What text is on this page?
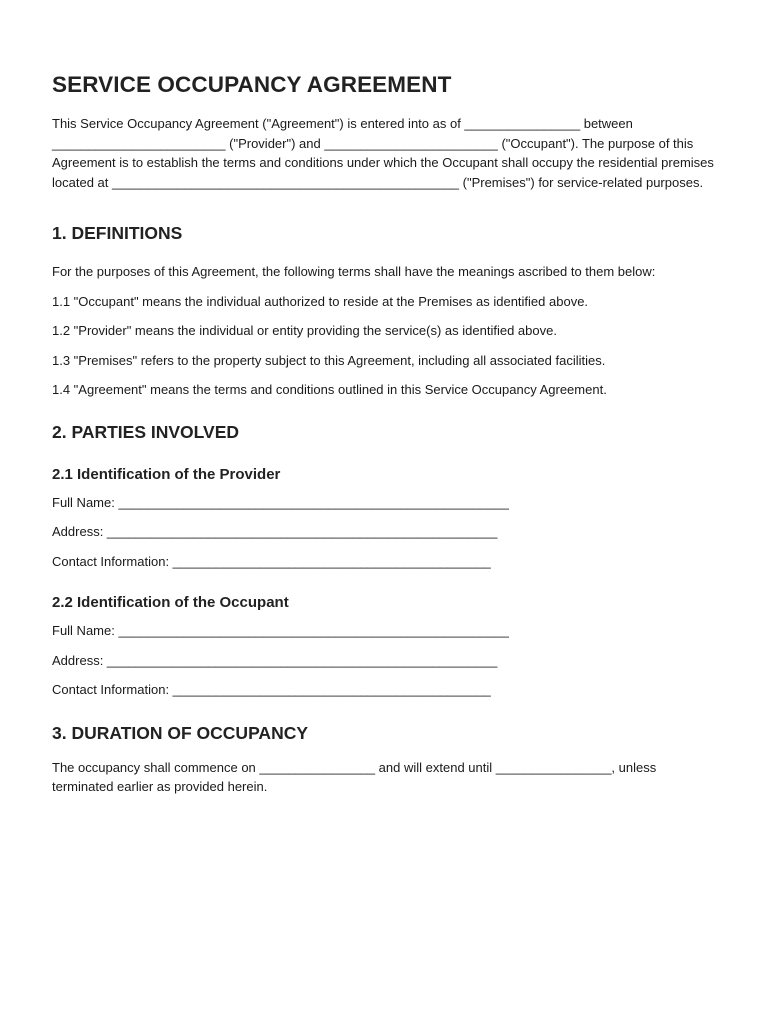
SERVICE OCCUPANCY AGREEMENT

This Service Occupancy Agreement ("Agreement") is entered into as of ________________ between ________________________ ("Provider") and ________________________ ("Occupant"). The purpose of this Agreement is to establish the terms and conditions under which the Occupant shall occupy the residential premises located at ________________________________________________ ("Premises") for service-related purposes.

1. DEFINITIONS

For the purposes of this Agreement, the following terms shall have the meanings ascribed to them below:

1.1 "Occupant" means the individual authorized to reside at the Premises as identified above.

1.2 "Provider" means the individual or entity providing the service(s) as identified above.

1.3 "Premises" refers to the property subject to this Agreement, including all associated facilities.

1.4 "Agreement" means the terms and conditions outlined in this Service Occupancy Agreement.

2. PARTIES INVOLVED
2.1 Identification of the Provider

Full Name: ______________________________________________________

Address: ______________________________________________________

Contact Information: ____________________________________________

2.2 Identification of the Occupant

Full Name: ______________________________________________________

Address: ______________________________________________________

Contact Information: ____________________________________________

3. DURATION OF OCCUPANCY

The occupancy shall commence on ________________ and will extend until ________________, unless terminated earlier as provided herein.
